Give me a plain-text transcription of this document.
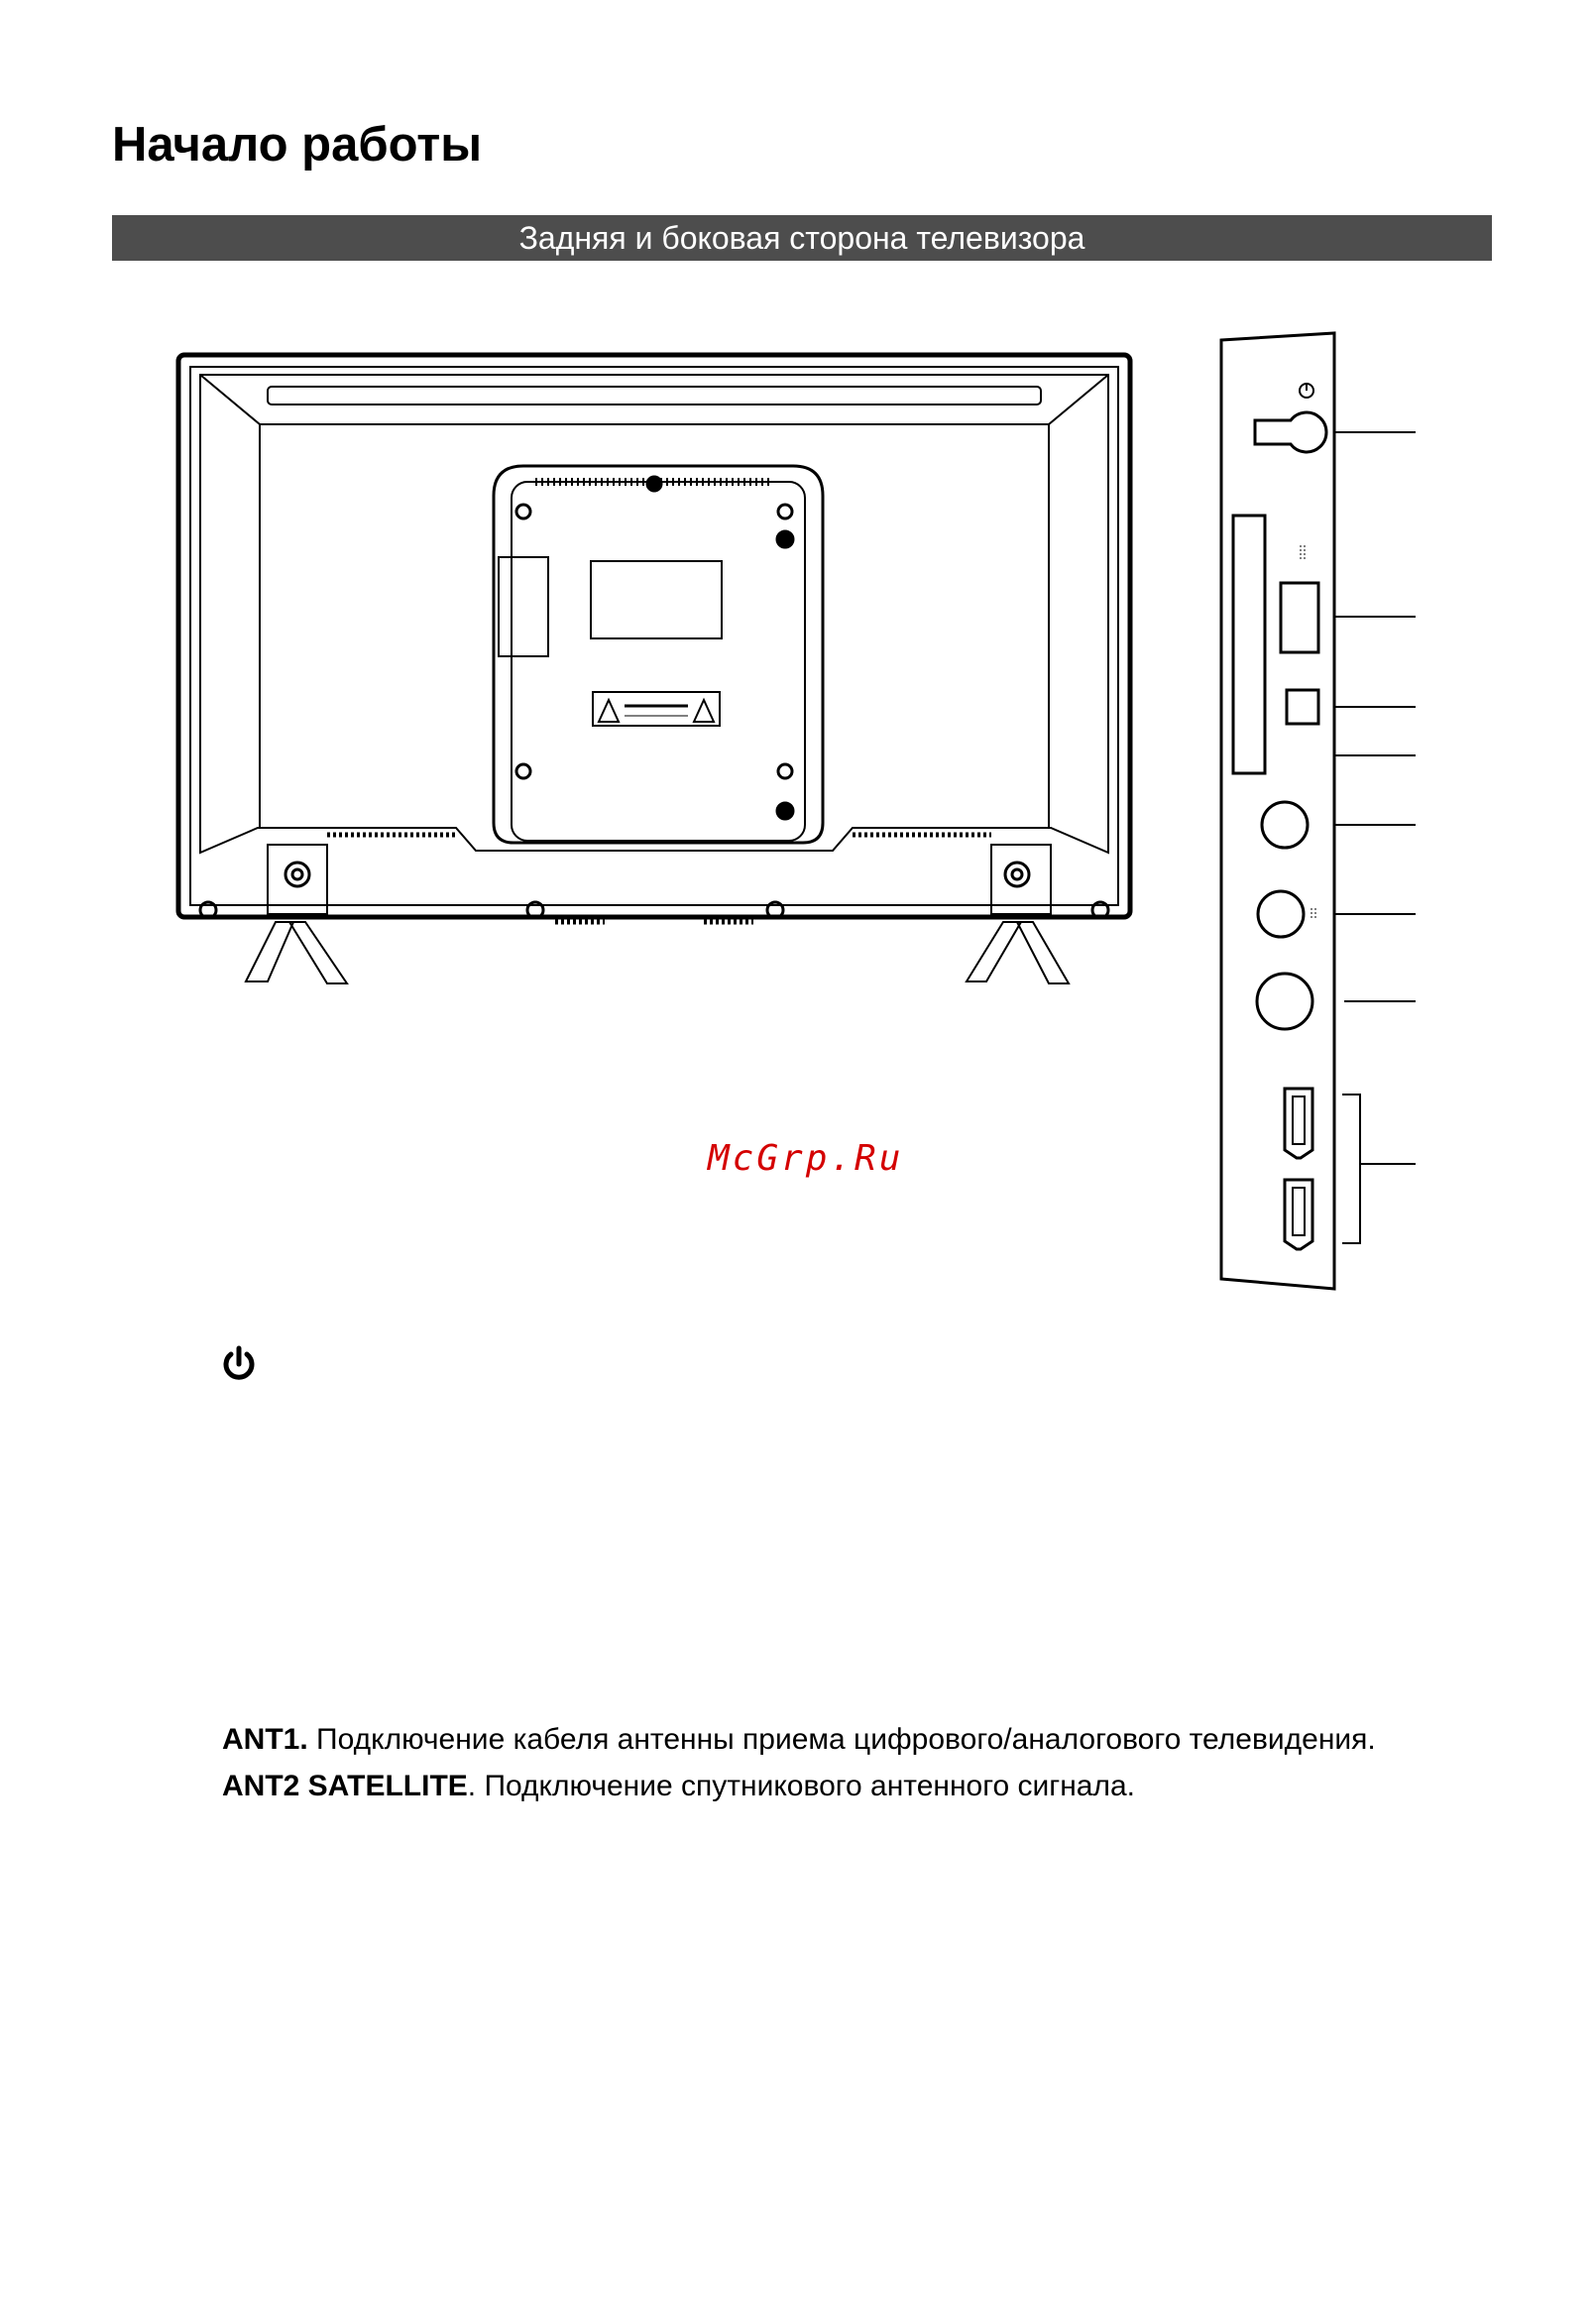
Начало работы
Задняя и боковая сторона телевизора
McGrp.Ru
ANT1. Подключение кабеля антенны приема цифрового/аналогового телевидения.
ANT2 SATELLITE. Подключение спутникового антенного сигнала.
